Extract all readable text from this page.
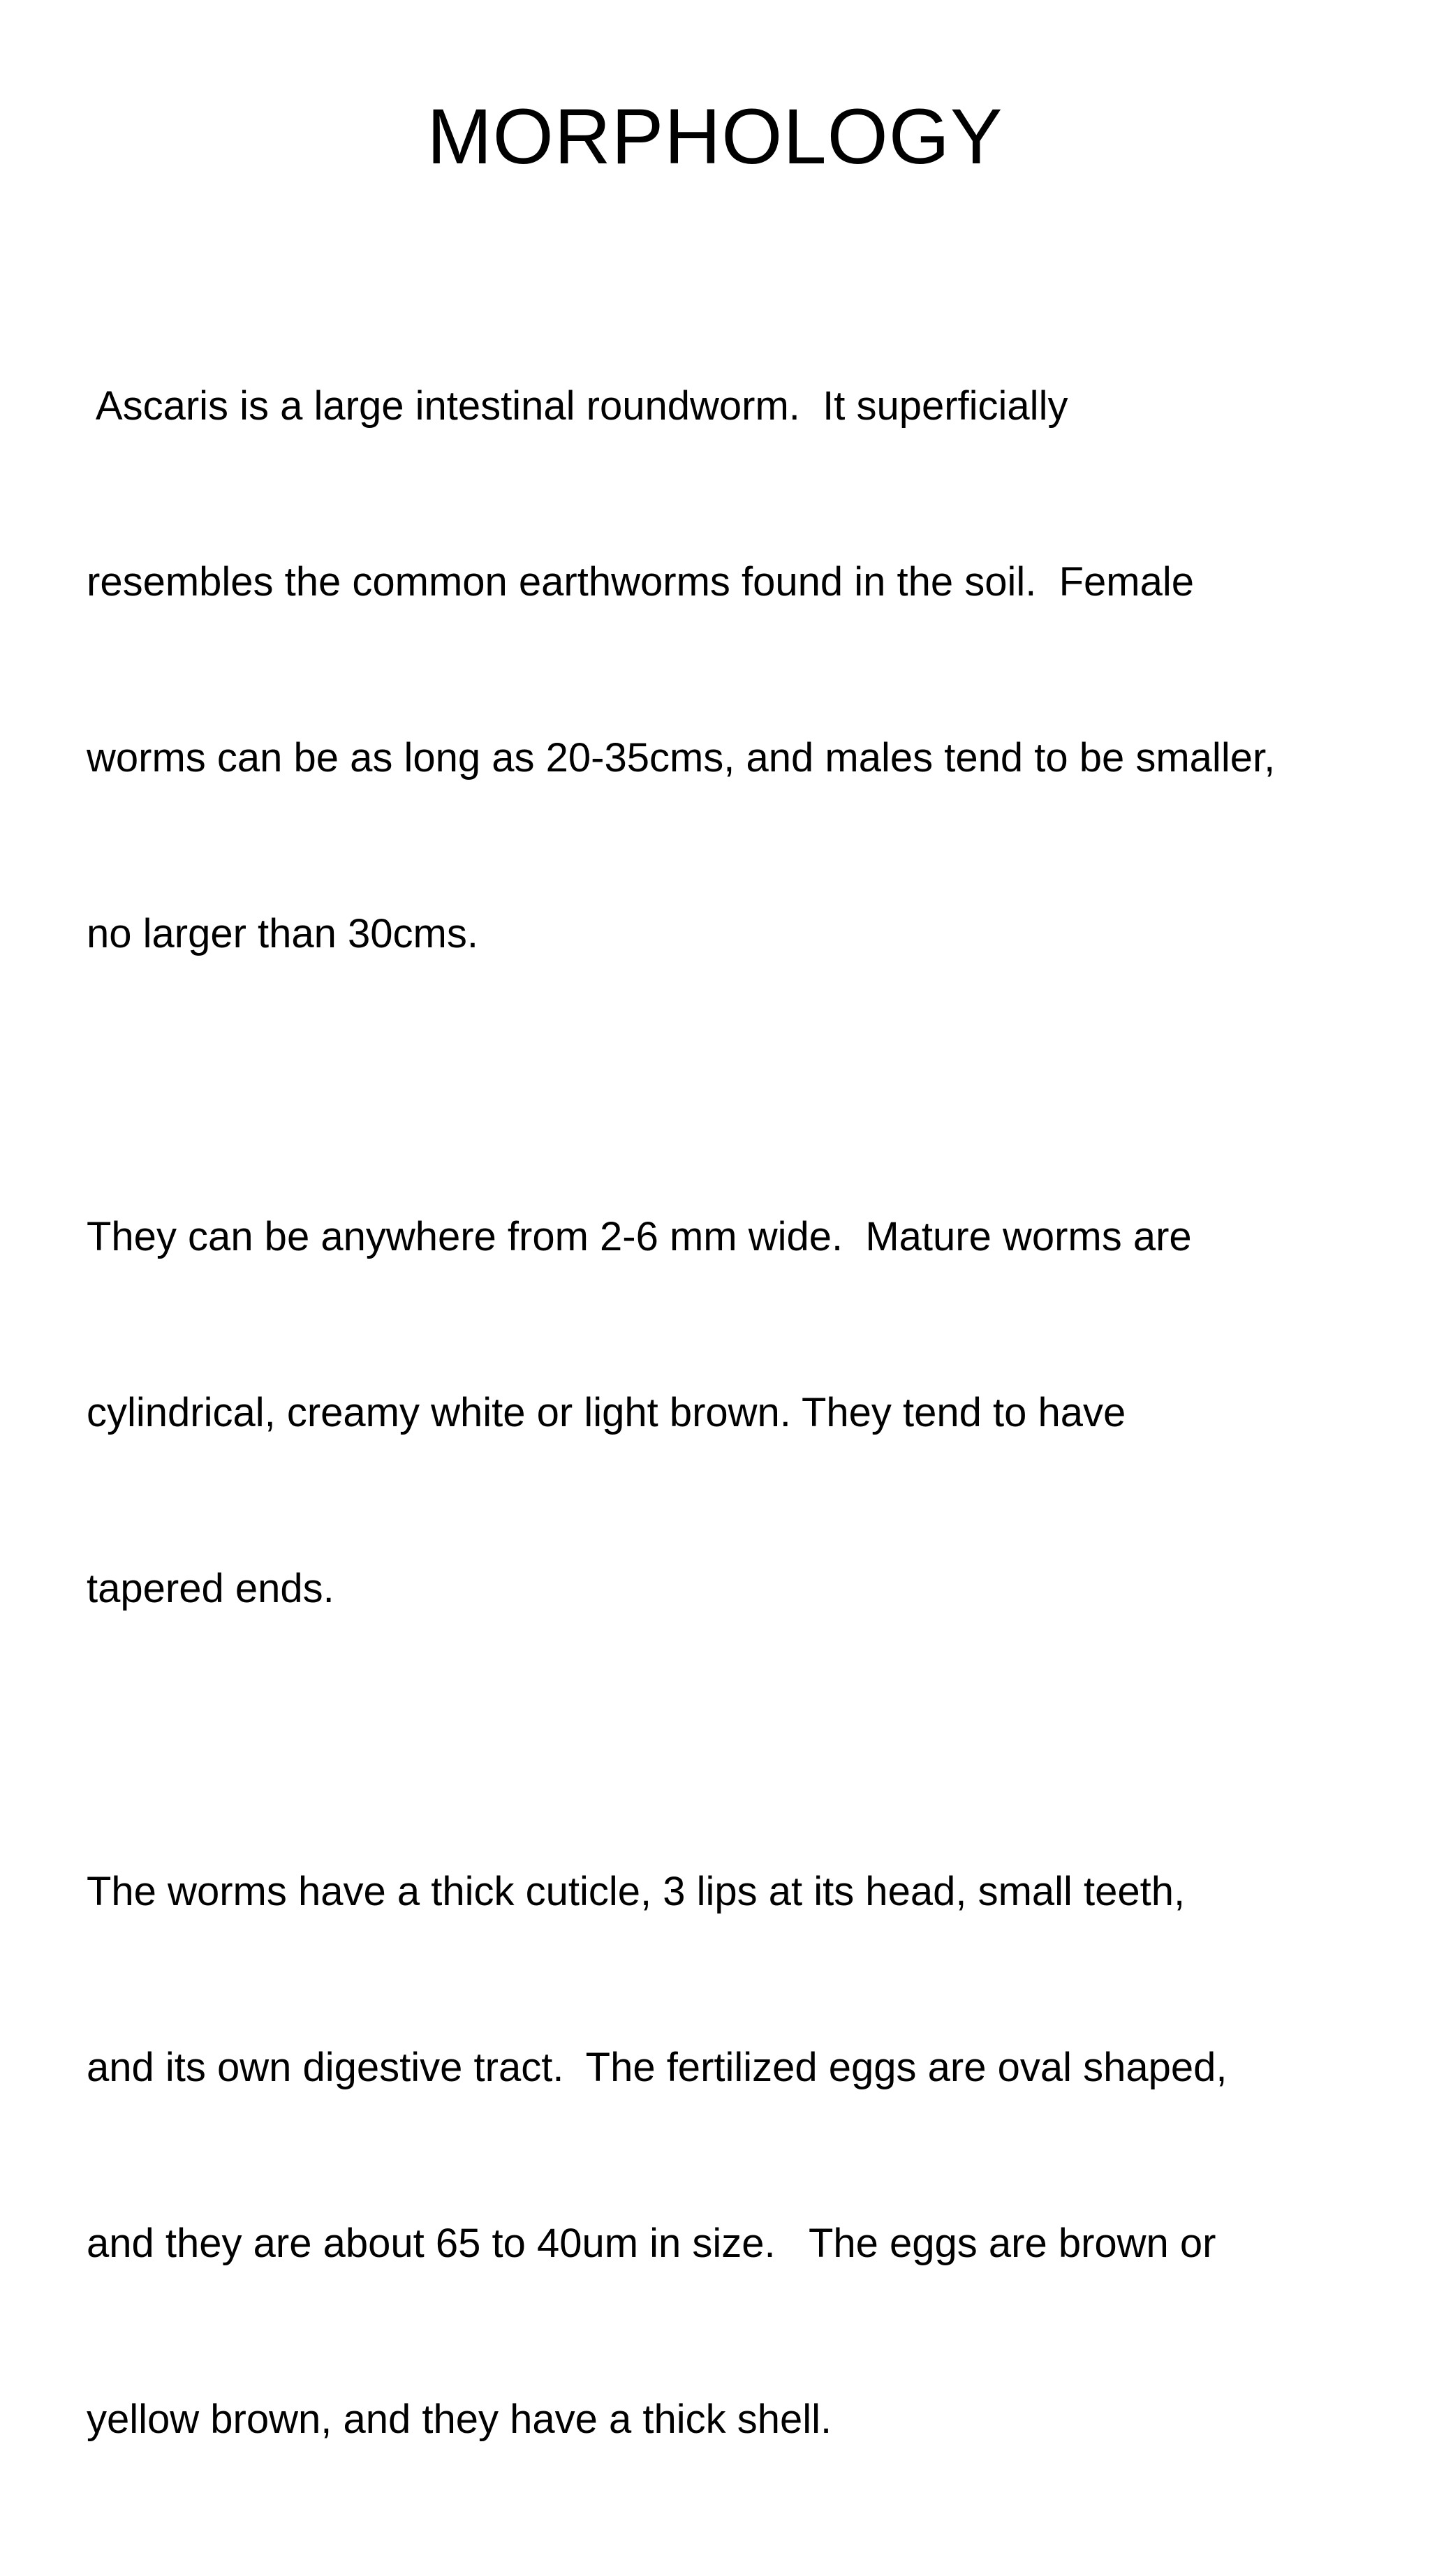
MORPHOLOGY

Ascaris is a large intestinal roundworm.  It superficially

resembles the common earthworms found in the soil.  Female

worms can be as long as 20-35cms, and males tend to be smaller,

no larger than 30cms.

They can be anywhere from 2-6 mm wide.  Mature worms are

cylindrical, creamy white or light brown. They tend to have

tapered ends.

The worms have a thick cuticle, 3 lips at its head, small teeth,

and its own digestive tract.  The fertilized eggs are oval shaped,

and they are about 65 to 40um in size.   The eggs are brown or

yellow brown, and they have a thick shell.
